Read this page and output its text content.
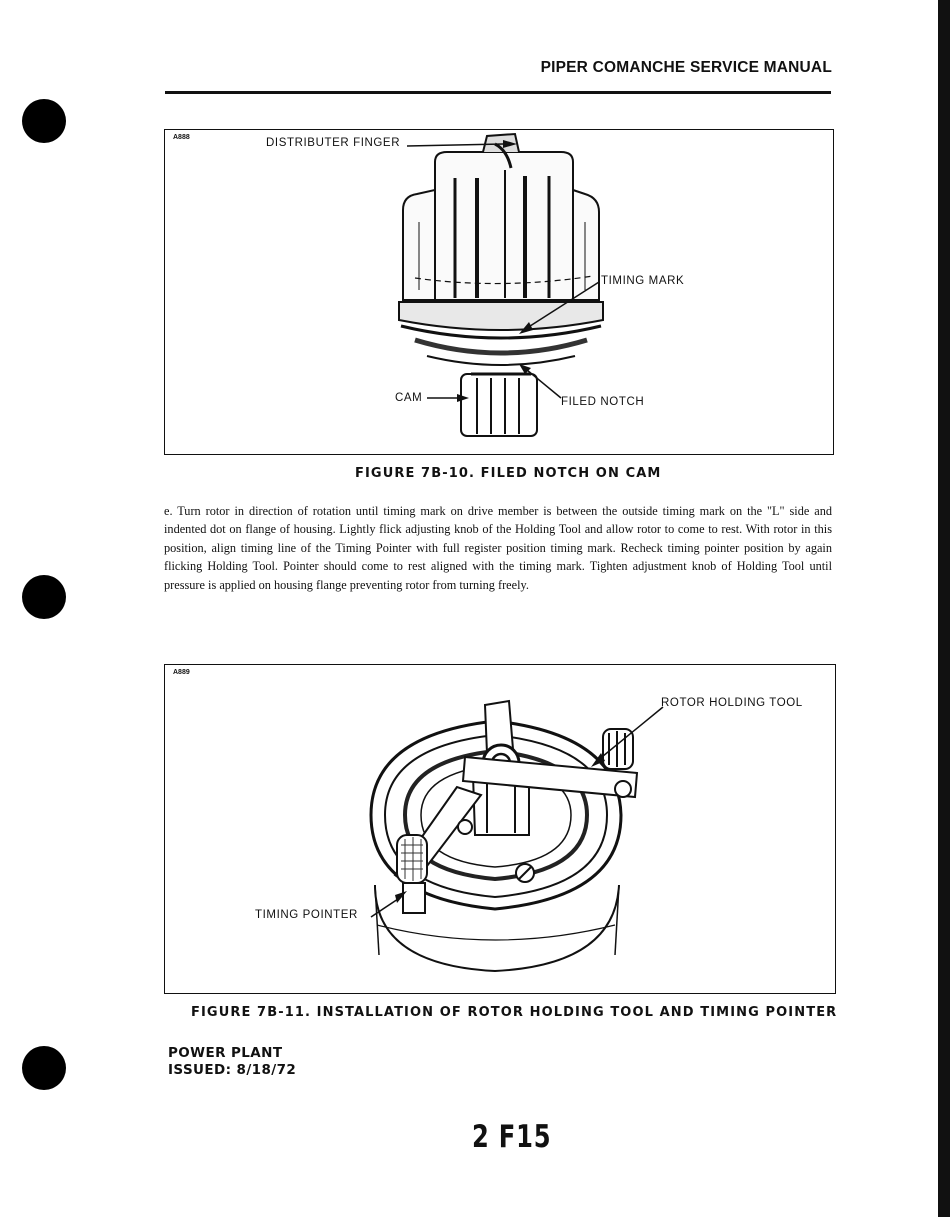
PIPER COMANCHE SERVICE MANUAL
A888	DISTRIBUTER FINGER
TIMING MARK
CAM	FILED NOTCH
FIGURE 7B-10. FILED NOTCH ON CAM
e. Turn rotor in direction of rotation until timing mark on drive member is between the outside timing mark on the "L" side and indented dot on flange of housing. Lightly flick adjusting knob of the Holding Tool and allow rotor to come to rest. With rotor in this position, align timing line of the Timing Pointer with full register position timing mark. Recheck timing pointer position by again flicking Holding Tool. Pointer should come to rest aligned with the timing mark. Tighten adjustment knob of Holding Tool until pressure is applied on housing flange preventing rotor from turning freely.
A889
ROTOR HOLDING TOOL
TIMING POINTER
FIGURE 7B-11. INSTALLATION OF ROTOR HOLDING TOOL AND TIMING POINTER
POWER PLANT
ISSUED: 8/18/72
2 F15
